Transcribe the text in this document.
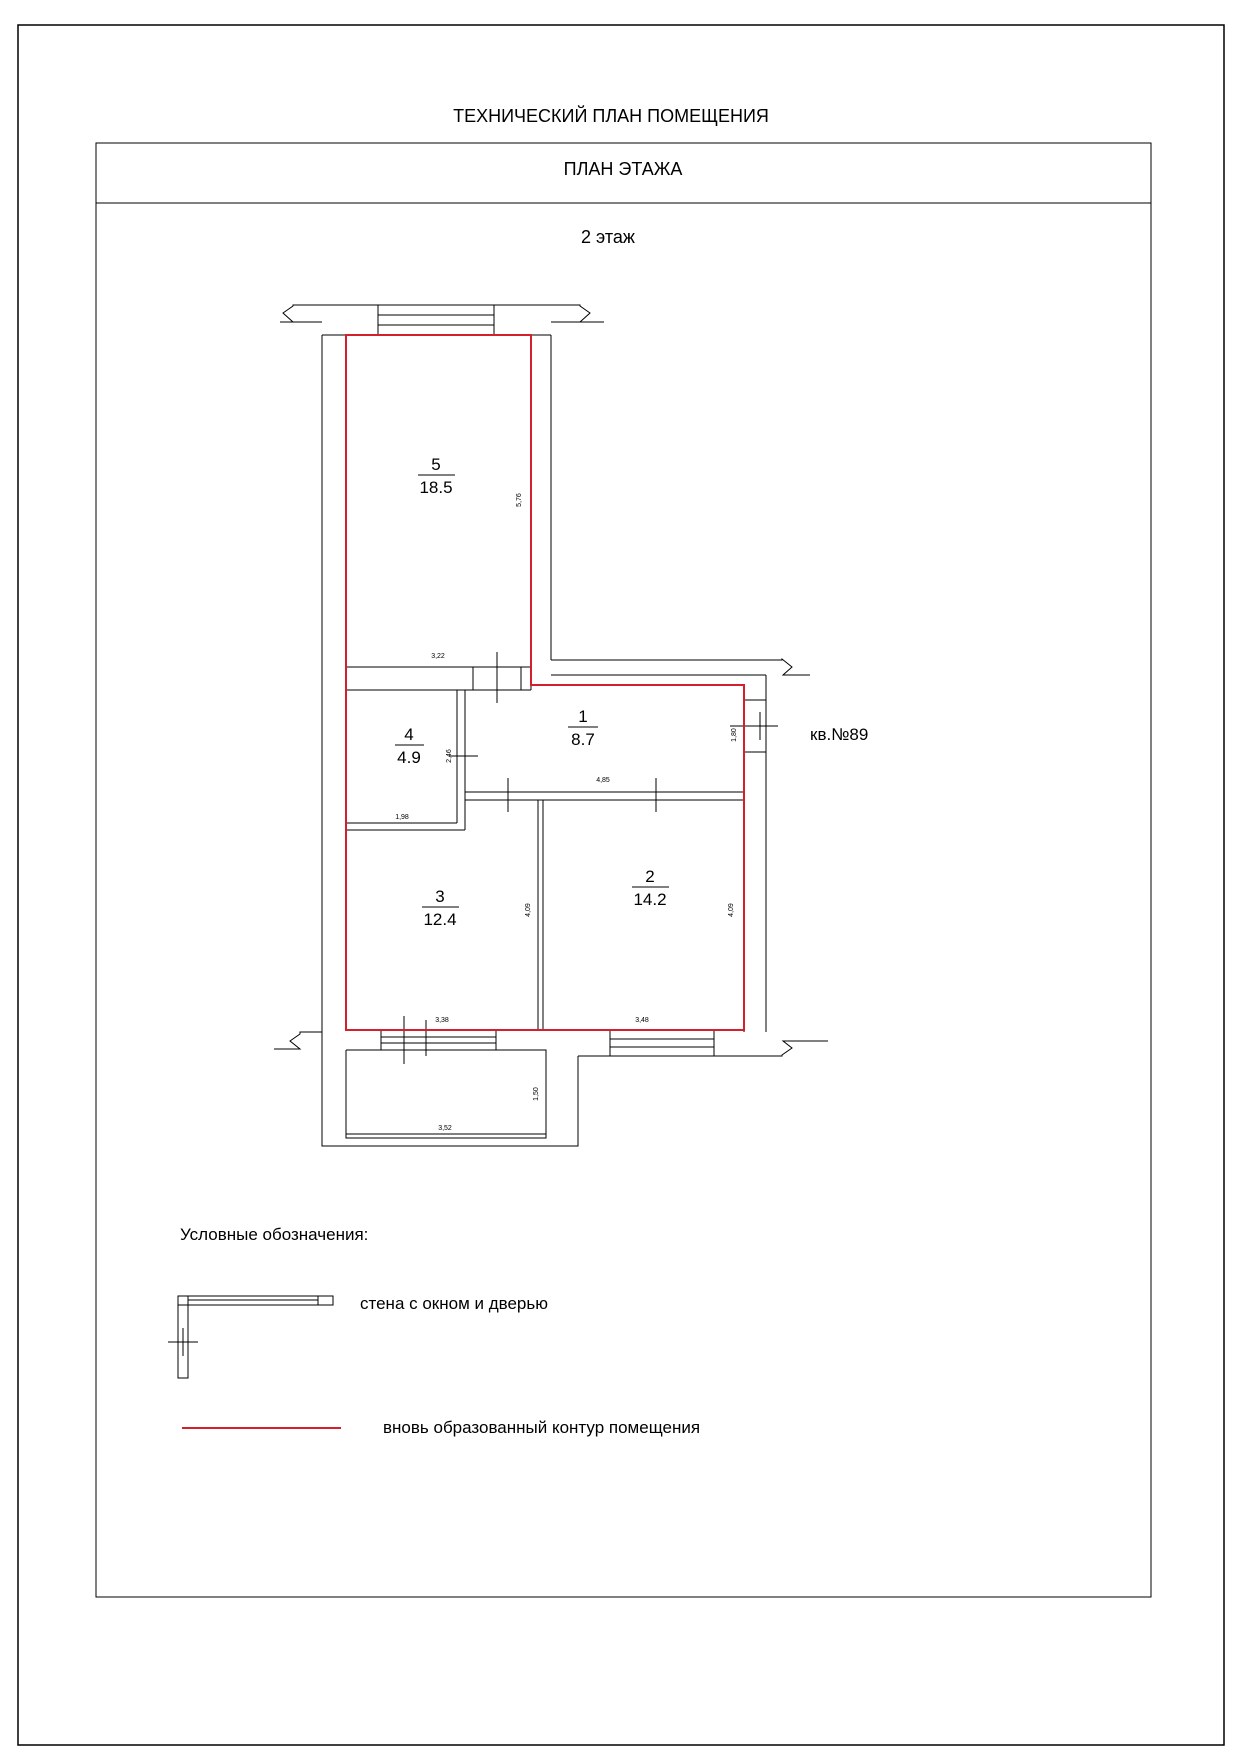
ТЕХНИЧЕСКИЙ ПЛАН ПОМЕЩЕНИЯ
ПЛАН ЭТАЖА
2 этаж
5
18.5
4
4.9
1
8.7
3
12.4
2
14.2
кв.№89
5,76
3,22
2,46
1,98
1,80
4,85
4,09
3,38
4,09
3,48
1,50
3,52
Условные обозначения:
стена с окном и дверью
вновь образованный контур помещения
